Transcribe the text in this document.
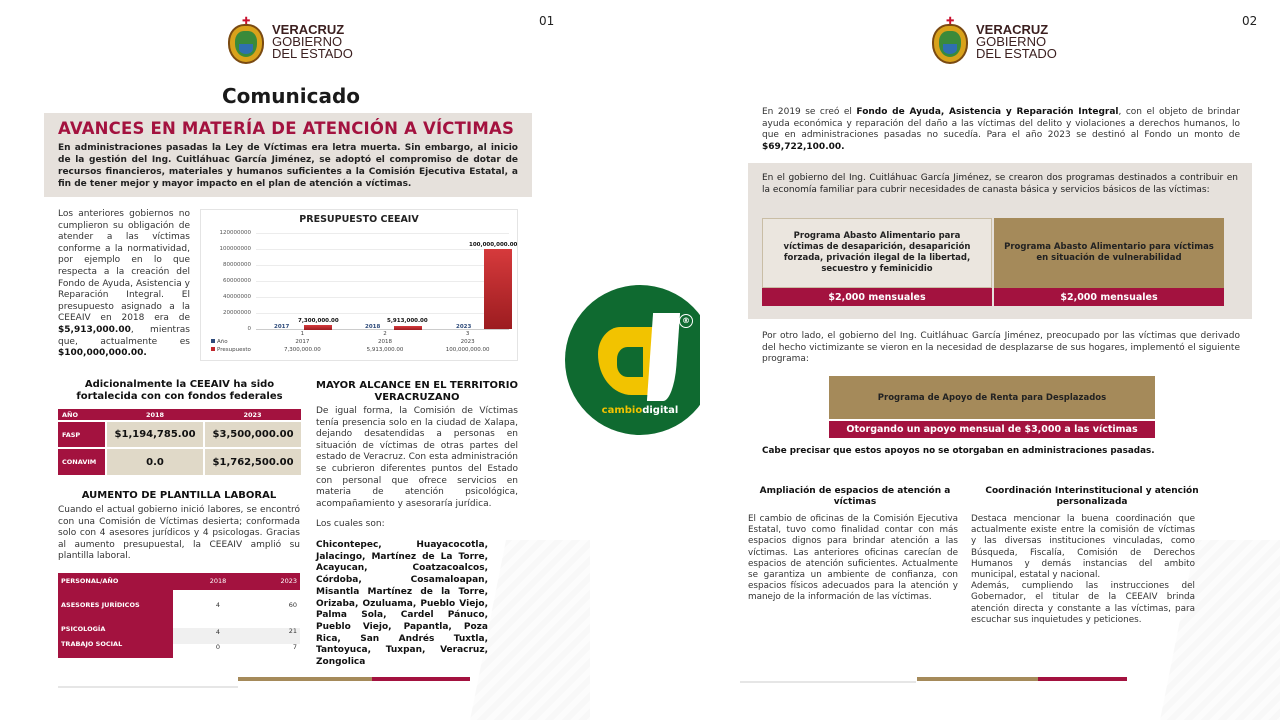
✚
VERACRUZ
GOBIERNO
DEL ESTADO
01
Comunicado
AVANCES EN MATERÍA DE ATENCIÓN A VÍCTIMAS
En administraciones pasadas la Ley de Víctimas era letra muerta. Sin embargo, al inicio de la gestión del Ing. Cuitláhuac García Jiménez, se adoptó el compromiso de dotar de recursos financieros, materiales y humanos suficientes a la Comisión Ejecutiva Estatal, a fin de tener mejor y mayor impacto en el plan de atención a víctimas.
Los anteriores gobiernos no cumplieron su obligación de atender a las víctimas conforme a la normatividad, por ejemplo en lo que respecta a la creación del Fondo de Ayuda, Asistencia y Reparación Integral. El presupuesto asignado a la CEEAIV en 2018 era de $5,913,000.00, mientras que, actualmente es $100,000,000.00.
PRESUPUESTO CEEAIV
120000000
100000000
80000000
60000000
40000000
20000000
0	2017
7,300,000.00
2018
5,913,000.00
2023
100,000,000.00
1	2	3
Año	2017	2018	2023
Presupuesto	7,300,000.00	5,913,000.00	100,000,000.00
Adicionalmente la CEEAIV ha sido fortalecida con con fondos federales
AÑO	2018	2023
FASP	$1,194,785.00	$3,500,000.00
CONAVIM	0.0	$1,762,500.00
AUMENTO DE PLANTILLA LABORAL
Cuando el actual gobierno inició labores, se encontró con una Comisión de Víctimas desierta; conformada solo con 4 asesores jurídicos y 4 psicologas. Gracias al aumento presupuestal, la CEEAIV amplió su plantilla laboral.
PERSONAL/AÑO	2018	2023
ASESORES JURÍDICOS	4	60
PSICOLOGÍA	4	21
TRABAJO SOCIAL	0	7
MAYOR ALCANCE EN EL TERRITORIO VERACRUZANO
De igual forma, la Comisión de Víctimas tenía presencia solo en la ciudad de Xalapa, dejando desatendidas a personas en situación de víctimas de otras partes del estado de Veracruz. Con esta administración se cubrieron diferentes puntos del Estado con personal que ofrece servicios en materia de atención psicológica, acompañamiento y asesoraría jurídica.
Los cuales son:
Chicontepec, Huayacocotla, Jalacingo, Martínez de La Torre, Acayucan, Coatzacoalcos, Córdoba, Cosamaloapan, Misantla Martínez de la Torre, Orizaba, Ozuluama, Pueblo Viejo, Palma Sola, Cardel Pánuco, Pueblo Viejo, Papantla, Poza Rica, San Andrés Tuxtla, Tantoyuca, Tuxpan, Veracruz, Zongolica
®
cambiodigital
✚
VERACRUZ
GOBIERNO
DEL ESTADO
02
En 2019 se creó el Fondo de Ayuda, Asistencia y Reparación Integral, con el objeto de brindar ayuda económica y reparación del daño a las víctimas del delito y violaciones a derechos humanos, lo que en administraciones pasadas no sucedía. Para el año 2023 se destinó al Fondo un monto de $69,722,100.00.
En el gobierno del Ing. Cuitláhuac García Jiménez, se crearon dos programas destinados a contribuir en la economía familiar para cubrir necesidades de canasta básica y servicios básicos de las víctimas:
Programa Abasto Alimentario para víctimas de desaparición, desaparición forzada, privación ilegal de la libertad, secuestro y feminicidio
Programa Abasto Alimentario para víctimas en situación de vulnerabilidad
$2,000 mensuales	$2,000 mensuales
Por otro lado, el gobierno del Ing. Cuitláhuac García Jiménez, preocupado por las víctimas que derivado del hecho victimizante se vieron en la necesidad de desplazarse de sus hogares, implementó el siguiente programa:
Programa de Apoyo de Renta para Desplazados
Otorgando un apoyo mensual de $3,000 a las víctimas
Cabe precisar que estos apoyos no se otorgaban en administraciones pasadas.
Ampliación de espacios de atención a víctimas
El cambio de oficinas de la Comisión Ejecutiva Estatal, tuvo como finalidad contar con más espacios dignos para brindar atención a las víctimas. Las anteriores oficinas carecían de espacios de atención suficientes. Actualmente se garantiza un ambiente de confianza, con espacios físicos adecuados para la atención y manejo de la información de las víctimas.
Coordinación Interinstitucional y atención personalizada
Destaca mencionar la buena coordinación que actualmente existe entre la comisión de víctimas y las diversas instituciones vinculadas, como Búsqueda, Fiscalía, Comisión de Derechos Humanos y demás instancias del ambito municipal, estatal y nacional.
Además, cumpliendo las instrucciones del Gobernador, el titular de la CEEAIV brinda atención directa y constante a las víctimas, para escuchar sus inquietudes y peticiones.
